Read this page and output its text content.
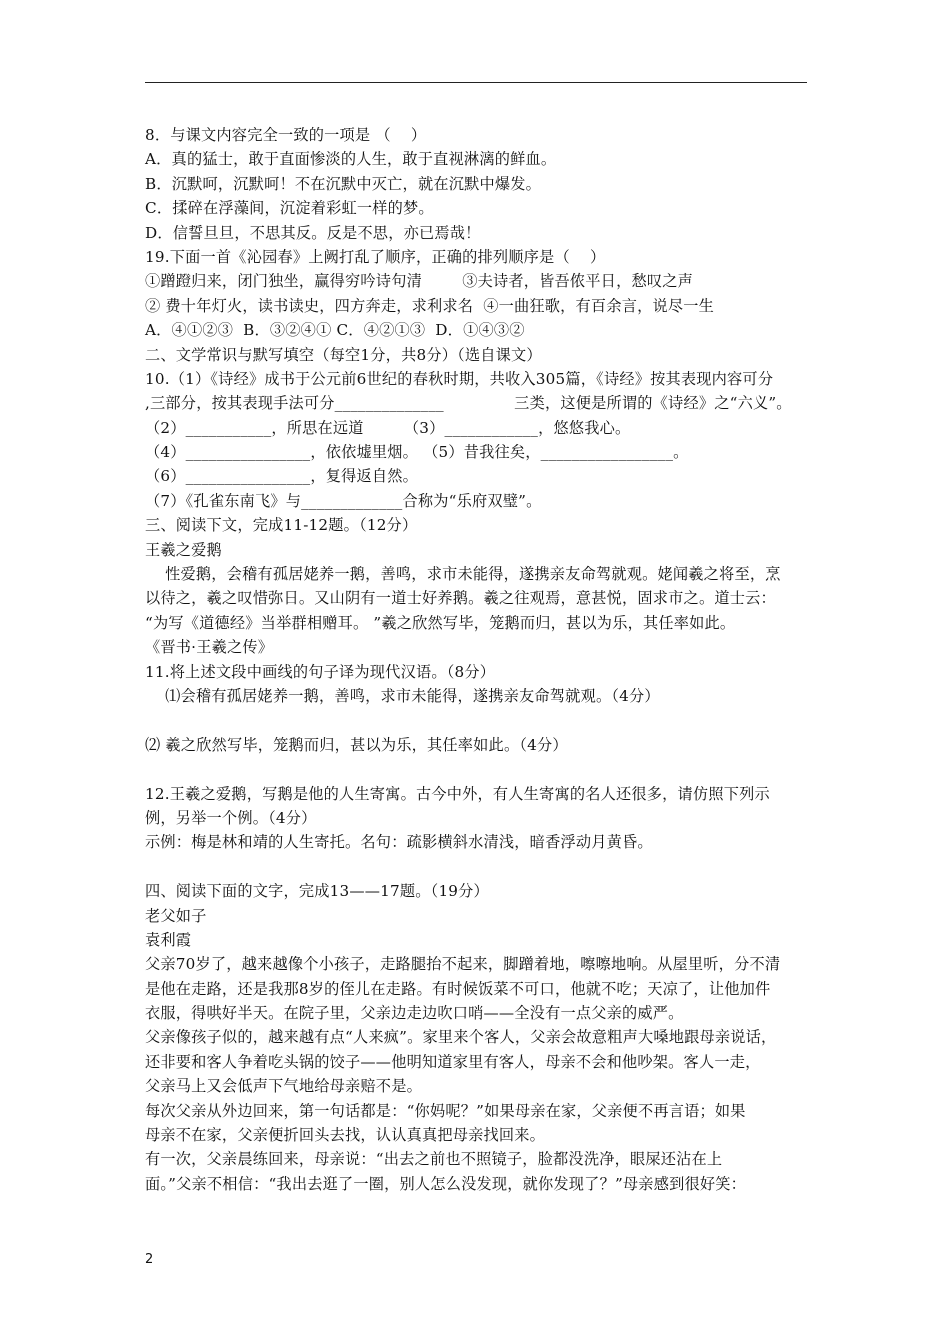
8．与课文内容完全一致的一项是 （    ）
A．真的猛士，敢于直面惨淡的人生，敢于直视淋漓的鲜血。
B．沉默呵，沉默呵！不在沉默中灭亡，就在沉默中爆发。
C．揉碎在浮藻间，沉淀着彩虹一样的梦。
D．信誓旦旦，不思其反。反是不思，亦已焉哉！
19.下面一首《沁园春》上阙打乱了顺序，正确的排列顺序是（    ）
①蹭蹬归来，闭门独坐，赢得穷吟诗句清        ③夫诗者，皆吾侬平日，愁叹之声
② 费十年灯火，读书读史，四方奔走，求利求名  ④一曲狂歌，有百余言，说尽一生
A．④①②③  B．③②④① C．④②①③  D．①④③②
二、文学常识与默写填空（每空1分，共8分）（选自课文）
10.（1）《诗经》成书于公元前6世纪的春秋时期，共收入305篇，《诗经》按其表现内容可分
,三部分，按其表现手法可分______________              三类，这便是所谓的《诗经》之“六义”。
（2）___________，所思在远道        （3）____________，悠悠我心。
（4）________________，依依墟里烟。 （5）昔我往矣，_________________。
（6）________________，复得返自然。
（7）《孔雀东南飞》与_____________合称为“乐府双璧”。
三、阅读下文，完成11-12题。（12分）
王羲之爱鹅
性爱鹅，会稽有孤居姥养一鹅，善鸣，求市未能得，遂携亲友命驾就观。姥闻羲之将至，烹
以待之，羲之叹惜弥日。又山阴有一道士好养鹅。羲之往观焉，意甚悦，固求市之。道士云：
“为写《道德经》当举群相赠耳。 ”羲之欣然写毕，笼鹅而归，甚以为乐，其任率如此。
《晋书·王羲之传》
11.将上述文段中画线的句子译为现代汉语。（8分）
⑴会稽有孤居姥养一鹅，善鸣，求市未能得，遂携亲友命驾就观。（4分）
⑵ 羲之欣然写毕，笼鹅而归，甚以为乐，其任率如此。（4分）
12.王羲之爱鹅，写鹅是他的人生寄寓。古今中外，有人生寄寓的名人还很多，请仿照下列示
例，另举一个例。（4分）
示例：梅是林和靖的人生寄托。名句：疏影横斜水清浅，暗香浮动月黄昏。
四、阅读下面的文字，完成13——17题。（19分）
老父如子
袁利霞
父亲70岁了，越来越像个小孩子，走路腿抬不起来，脚蹭着地，嚓嚓地响。从屋里听，分不清
是他在走路，还是我那8岁的侄儿在走路。有时候饭菜不可口，他就不吃；天凉了，让他加件
衣服，得哄好半天。在院子里，父亲边走边吹口哨——全没有一点父亲的威严。
父亲像孩子似的，越来越有点“人来疯”。家里来个客人，父亲会故意粗声大嗓地跟母亲说话，
还非要和客人争着吃头锅的饺子——他明知道家里有客人，母亲不会和他吵架。客人一走，
父亲马上又会低声下气地给母亲赔不是。
每次父亲从外边回来，第一句话都是：“你妈呢？”如果母亲在家，父亲便不再言语；如果
母亲不在家，父亲便折回头去找，认认真真把母亲找回来。
有一次，父亲晨练回来，母亲说：“出去之前也不照镜子，脸都没洗净，眼屎还沾在上
面。”父亲不相信：“我出去逛了一圈，别人怎么没发现，就你发现了？”母亲感到很好笑：
2
